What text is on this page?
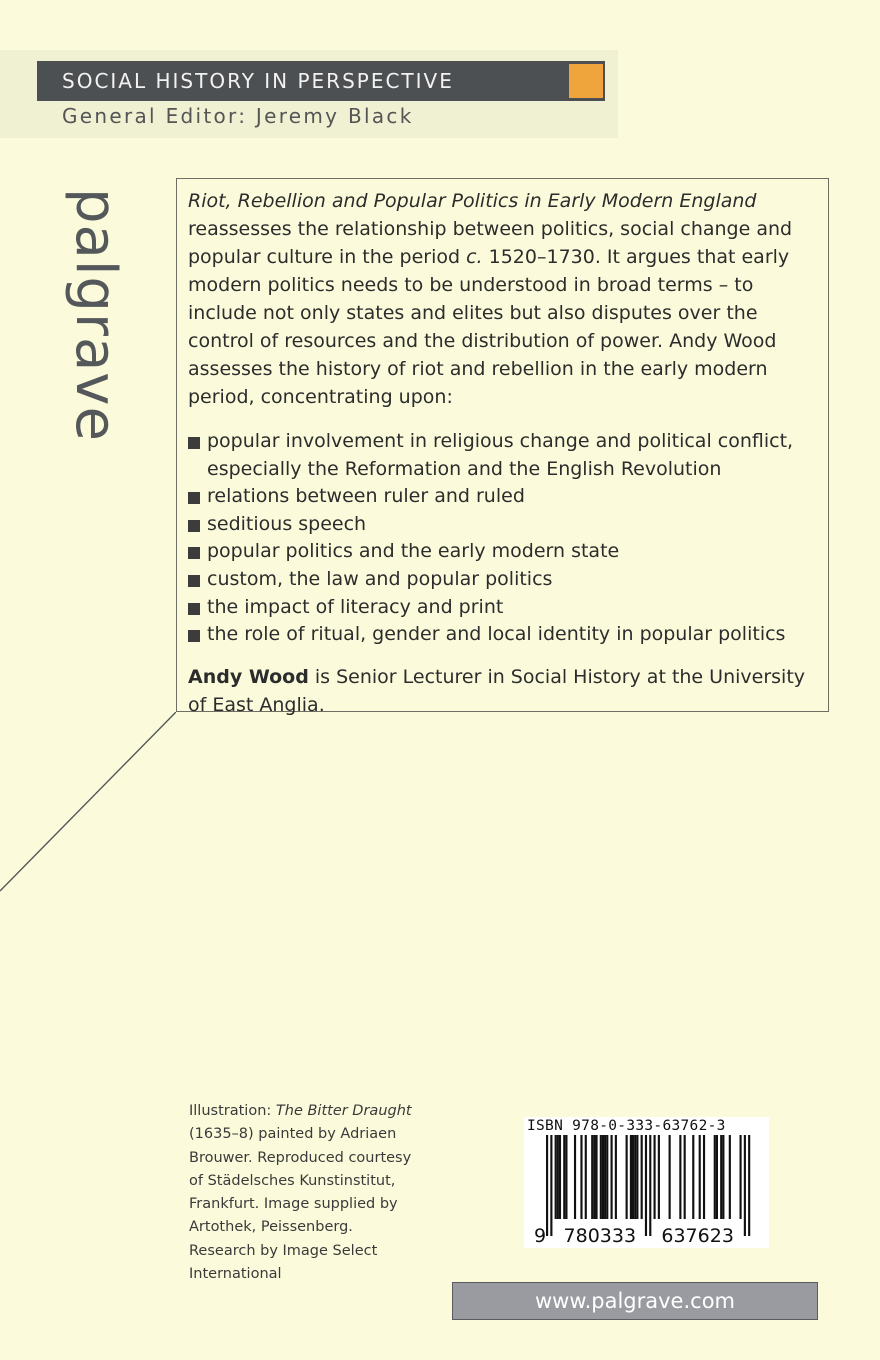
SOCIAL HISTORY IN PERSPECTIVE
General Editor: Jeremy Black
palgrave	Riot, Rebellion and Popular Politics in Early Modern England reassesses the relationship between politics, social change and popular culture in the period c. 1520–1730. It argues that early modern politics needs to be understood in broad terms – to include not only states and elites but also disputes over the control of resources and the distribution of power. Andy Wood assesses the history of riot and rebellion in the early modern period, concentrating upon:

popular involvement in religious change and political conflict, especially the Reformation and the English Revolution
relations between ruler and ruled
seditious speech
popular politics and the early modern state
custom, the law and popular politics
the impact of literacy and print
the role of ritual, gender and local identity in popular politics

Andy Wood is Senior Lecturer in Social History at the University of East Anglia.

Illustration: The Bitter Draught (1635–8) painted by Adriaen Brouwer. Reproduced courtesy of Städelsches Kunstinstitut, Frankfurt. Image supplied by Artothek, Peissenberg. Research by Image Select International
9 780333 637623
ISBN 978-0-333-63762-3
www.palgrave.com
